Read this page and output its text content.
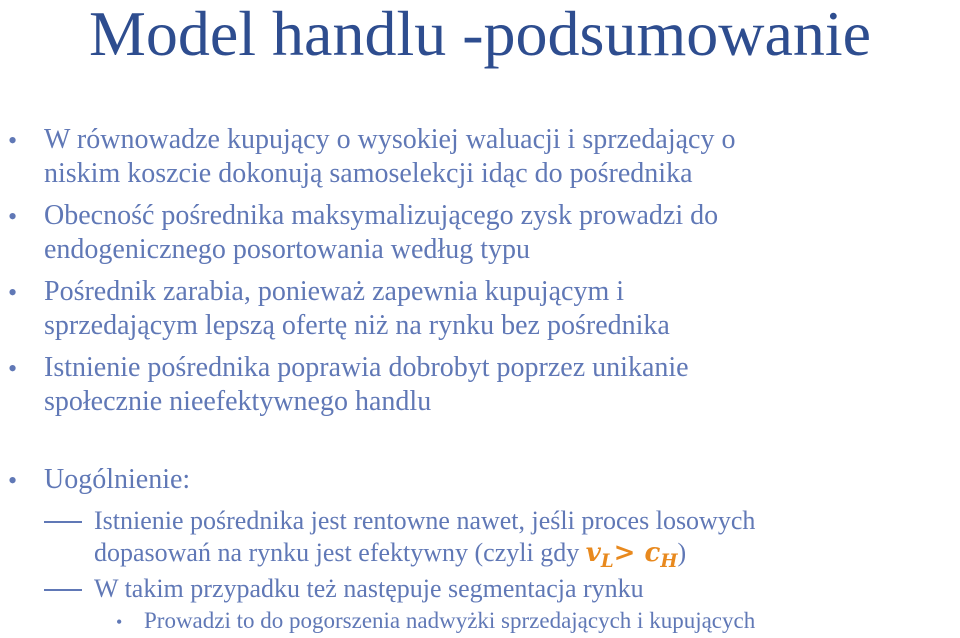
Model handlu -podsumowanie
• W równowadze kupujący o wysokiej waluacji i sprzedający o
niskim koszcie dokonują samoselekcji idąc do pośrednika
• Obecność pośrednika maksymalizującego zysk prowadzi do
endogenicznego posortowania według typu
• Pośrednik zarabia, ponieważ zapewnia kupującym i
sprzedającym lepszą ofertę niż na rynku bez pośrednika
• Istnienie pośrednika poprawia dobrobyt poprzez unikanie
społecznie nieefektywnego handlu
• Uogólnienie:
Istnienie pośrednika jest rentowne nawet, jeśli proces losowych
dopasowań na rynku jest efektywny (czyli gdy $v_L> c_H$)
W takim przypadku też następuje segmentacja rynku
• Prowadzi to do pogorszenia nadwyżki sprzedających i kupujących
